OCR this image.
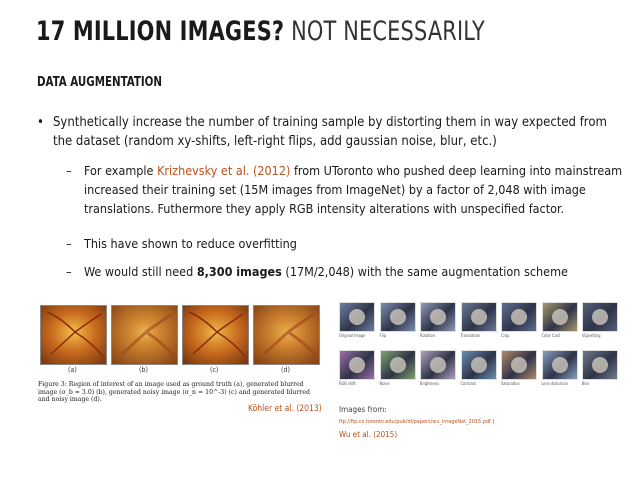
17 MILLION IMAGES? NOT NECESSARILY
DATA AUGMENTATION
• Synthetically increase the number of training sample by distorting them in way expected from the dataset (random xy-shifts, left-right flips, add gaussian noise, blur, etc.)
– For example Krizhevsky et al. (2012) from UToronto who pushed deep learning into mainstream increased their training set (15M images from ImageNet) by a factor of 2,048 with image translations. Futhermore they apply RGB intensity alterations with unspecified factor.
– This have shown to reduce overfitting
– We would still need 8,300 images (17M/2,048) with the same augmentation scheme
(a)	(b)	(c)	(d)
Figure 3: Region of interest of an image used as ground truth (a), generated blurred image (σ_b = 3.0) (b), generated noisy image (σ_n = 10^-3) (c) and generated blurred and noisy image (d).
Köhler et al. (2013)
Original Image	Flip	Rotation	Translation	Crop	Color Cast	Vignetting
RGB shift	Noise	Brightness	Contrast	Saturation	Lens distortion	Blur
Images from:
ftp://ftp.cs.toronto.edu/pub/dl/papers/wu_ImageNet_2015.pdf |
Wu et al. (2015)
